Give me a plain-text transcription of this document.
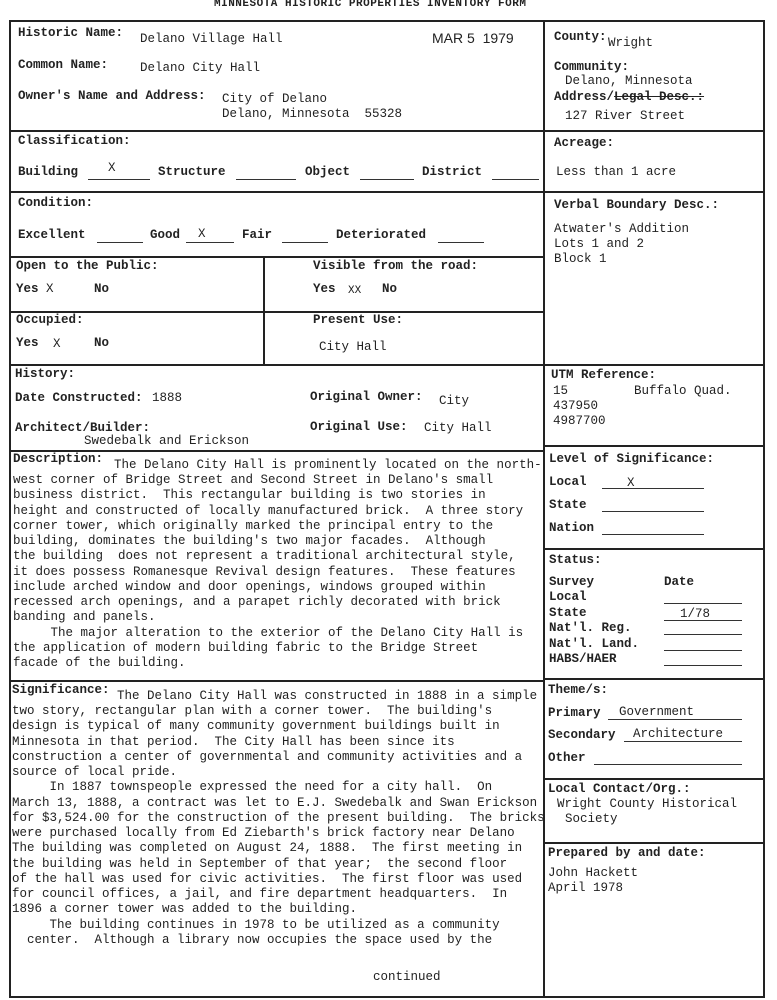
MINNESOTA HISTORIC PROPERTIES INVENTORY FORM
Historic Name: Delano Village Hall	MAR 5  1979
Common Name:	Delano City Hall
Owner's Name and Address: City of Delano
Delano, Minnesota  55328
County: Wright
Community:
Delano, Minnesota
Address/Legal Desc.:
127 River Street
Classification:
Building X	Structure	Object	District
Acreage:
Less than 1 acre
Condition:
Excellent	Good X	Fair	Deteriorated
Verbal Boundary Desc.:
Atwater's Addition
Lots 1 and 2
Block 1
Open to the Public:
Yes X	No
Visible from the road:
Yes XX No
Occupied:
Yes X	No
Present Use:
City Hall
History:
Date Constructed: 1888	Original Owner: City
Architect/Builder:
Swedebalk and Erickson
Original Use: City Hall
UTM Reference:
15	Buffalo Quad.
437950
4987700
Description: The Delano City Hall is prominently located on the north-
west corner of Bridge Street and Second Street in Delano's small
business district.  This rectangular building is two stories in
height and constructed of locally manufactured brick.  A three story
corner tower, which originally marked the principal entry to the
building, dominates the building's two major facades.  Although
the building  does not represent a traditional architectural style,
it does possess Romanesque Revival design features.  These features
include arched window and door openings, windows grouped within
recessed arch openings, and a parapet richly decorated with brick
banding and panels.
The major alteration to the exterior of the Delano City Hall is
the application of modern building fabric to the Bridge Street
facade of the building.
Level of Significance:
Local	X
State
Nation
Status:
Survey	Date
Local
State	1/78
Nat'l. Reg.
Nat'l. Land.
HABS/HAER
Significance: The Delano City Hall was constructed in 1888 in a simple
two story, rectangular plan with a corner tower.  The building's
design is typical of many community government buildings built in
Minnesota in that period.  The City Hall has been since its
construction a center of governmental and community activities and a
source of local pride.
In 1887 townspeople expressed the need for a city hall.  On
March 13, 1888, a contract was let to E.J. Swedebalk and Swan Erickson
for $3,524.00 for the construction of the present building.  The bricks
were purchased locally from Ed Ziebarth's brick factory near Delano
The building was completed on August 24, 1888.  The first meeting in
the building was held in September of that year;  the second floor
of the hall was used for civic activities.  The first floor was used
for council offices, a jail, and fire department headquarters.  In
1896 a corner tower was added to the building.
The building continues in 1978 to be utilized as a community
center.  Although a library now occupies the space used by the
continued
Theme/s:
Primary Government
Secondary Architecture
Other
Local Contact/Org.:
Wright County Historical
Society
Prepared by and date:
John Hackett
April 1978
